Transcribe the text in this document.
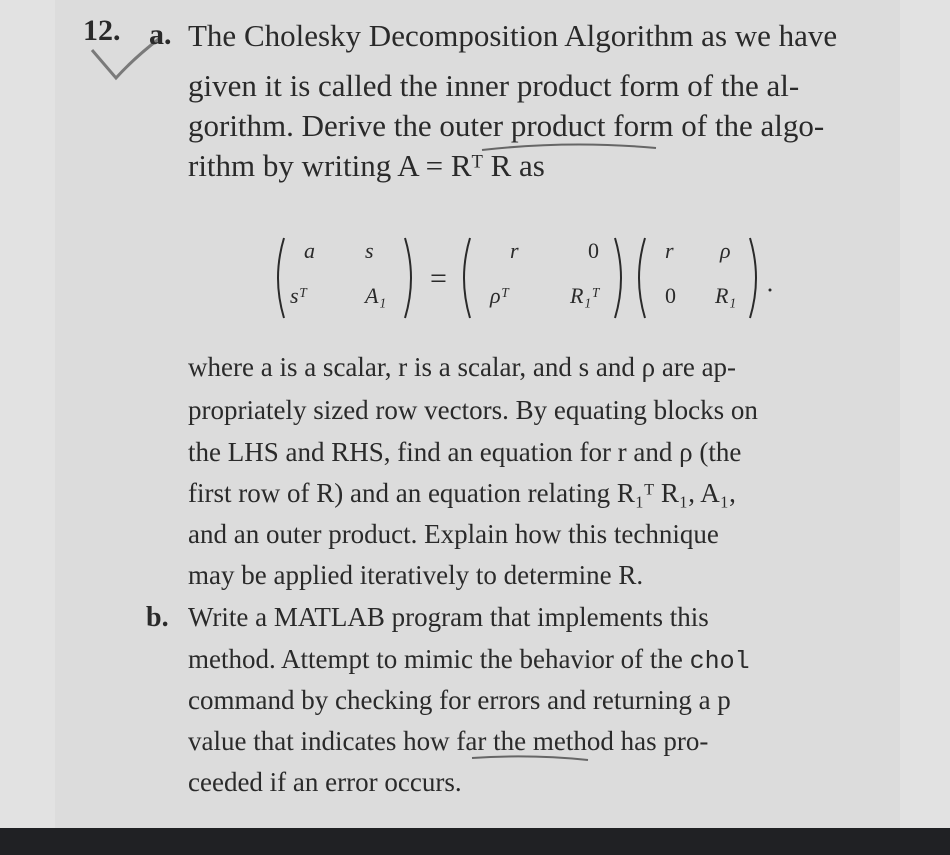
12. a. The Cholesky Decomposition Algorithm as we have
given it is called the inner product form of the al-
gorithm. Derive the outer product form of the algo-
rithm by writing A = Rᵀ R as
a s
sᵀ	A₁
=
r	0
ρᵀ	R₁ᵀ
r ρ
0 R₁
where a is a scalar, r is a scalar, and s and ρ are ap-
propriately sized row vectors. By equating blocks on
the LHS and RHS, find an equation for r and ρ (the
first row of R) and an equation relating R₁ᵀ R₁, A₁,
and an outer product. Explain how this technique
may be applied iteratively to determine R.
b. Write a MATLAB program that implements this
method. Attempt to mimic the behavior of the chol
command by checking for errors and returning a p
value that indicates how far the method has pro-
ceeded if an error occurs.
